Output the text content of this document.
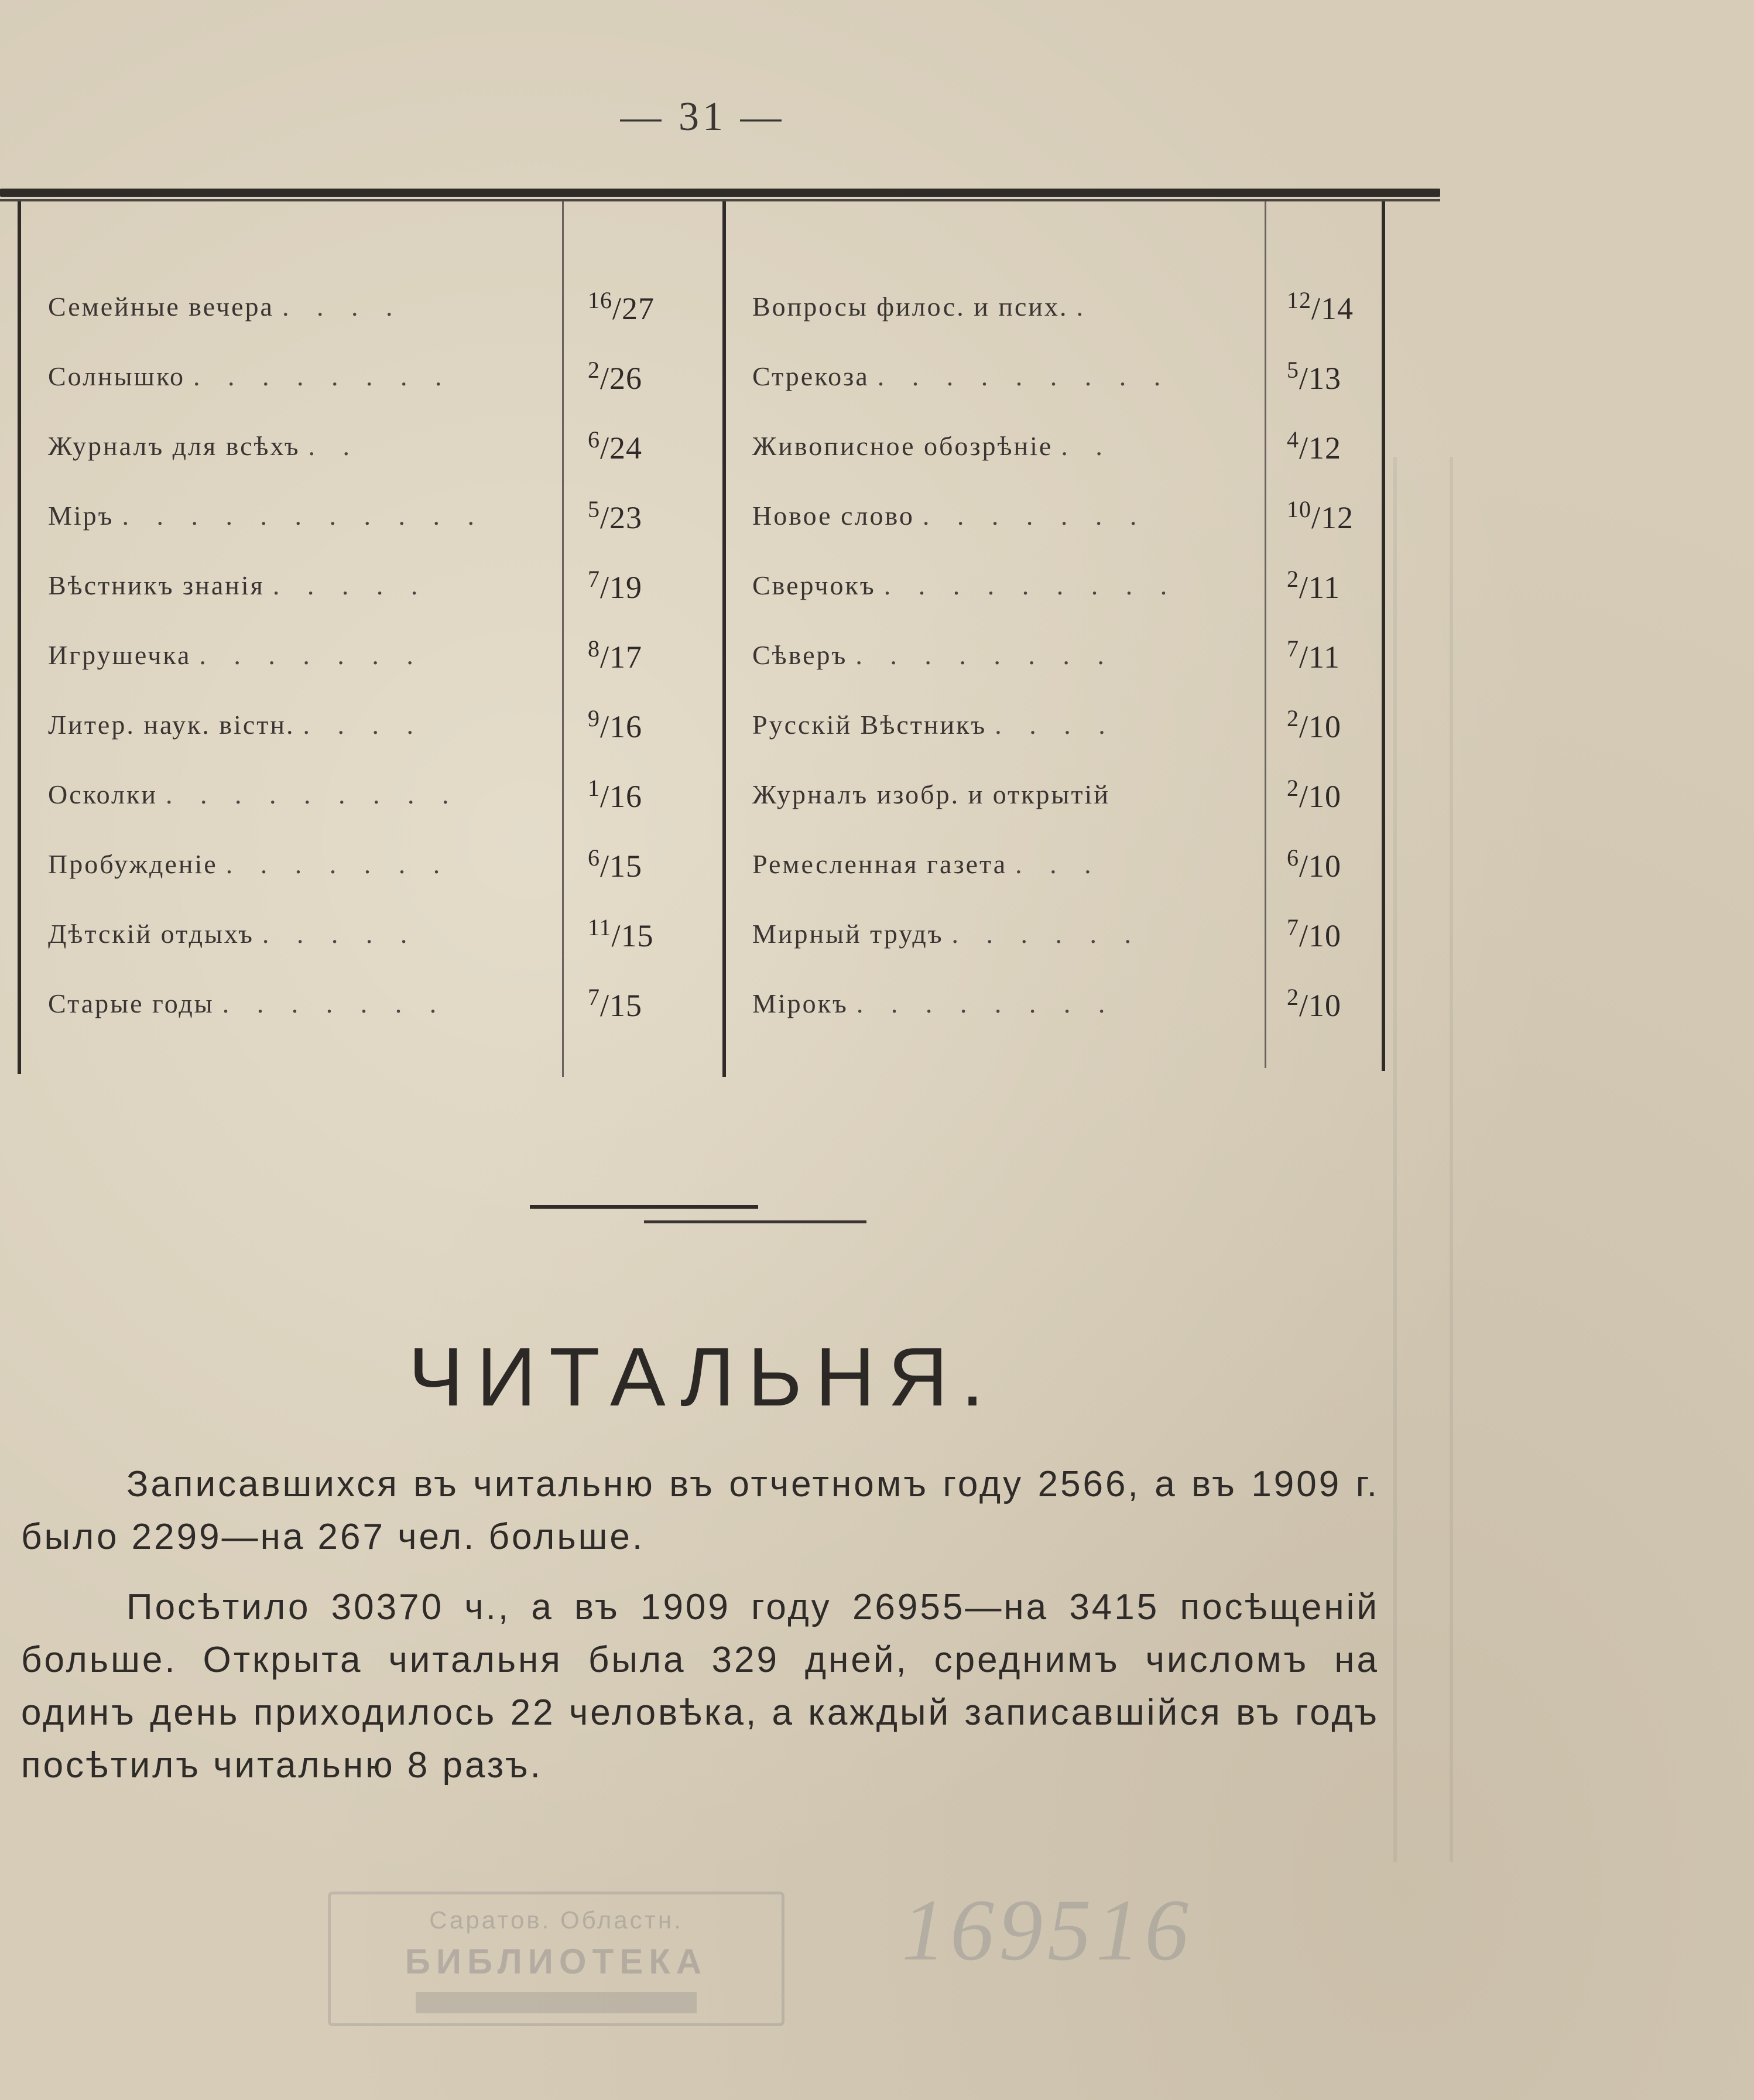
— 31 —
Семейные вечера . . . .	$^{16}$/27
Солнышко . . . . . . . .	$^2$/26
Журналъ для всѣхъ . .	$^6$/24
Міръ . . . . . . . . . . .	$^5$/23
Вѣстникъ знанія . . . . .	$^7$/19
Игрушечка . . . . . . .	$^8$/17
Литер. наук. вiстн. . . . .	$^9$/16
Осколки . . . . . . . . .	$^1$/16
Пробужденіе . . . . . . .	$^6$/15
Дѣтскій отдыхъ . . . . .	$^{11}$/15
Старые годы . . . . . . .	$^7$/15
Вопросы филос. и псих. .	$^{12}$/14
Стрекоза . . . . . . . . .	$^5$/13
Живописное обозрѣніе . .	$^4$/12
Новое слово . . . . . . .	$^{10}$/12
Сверчокъ . . . . . . . . .	$^2$/11
Сѣверъ . . . . . . . .	$^7$/11
Русскій Вѣстникъ . . . .	$^2$/10
Журналъ изобр. и открытій	$^2$/10
Ремесленная газета . . .	$^6$/10
Мирный трудъ . . . . . .	$^7$/10
Мірокъ . . . . . . . .	$^2$/10
ЧИТАЛЬНЯ.
Записавшихся въ читальню въ отчетномъ году 2566, а въ 1909 г. было 2299—на 267 чел. больше.
Посѣтило 30370 ч., а въ 1909 году 26955—на 3415 посѣщеній больше. Открыта читальня была 329 дней, среднимъ числомъ на одинъ день приходилось 22 человѣка, а каждый записавшійся въ годъ посѣтилъ читальню 8 разъ.
Саратов. Областн.
БИБЛИОТЕКА	169516
